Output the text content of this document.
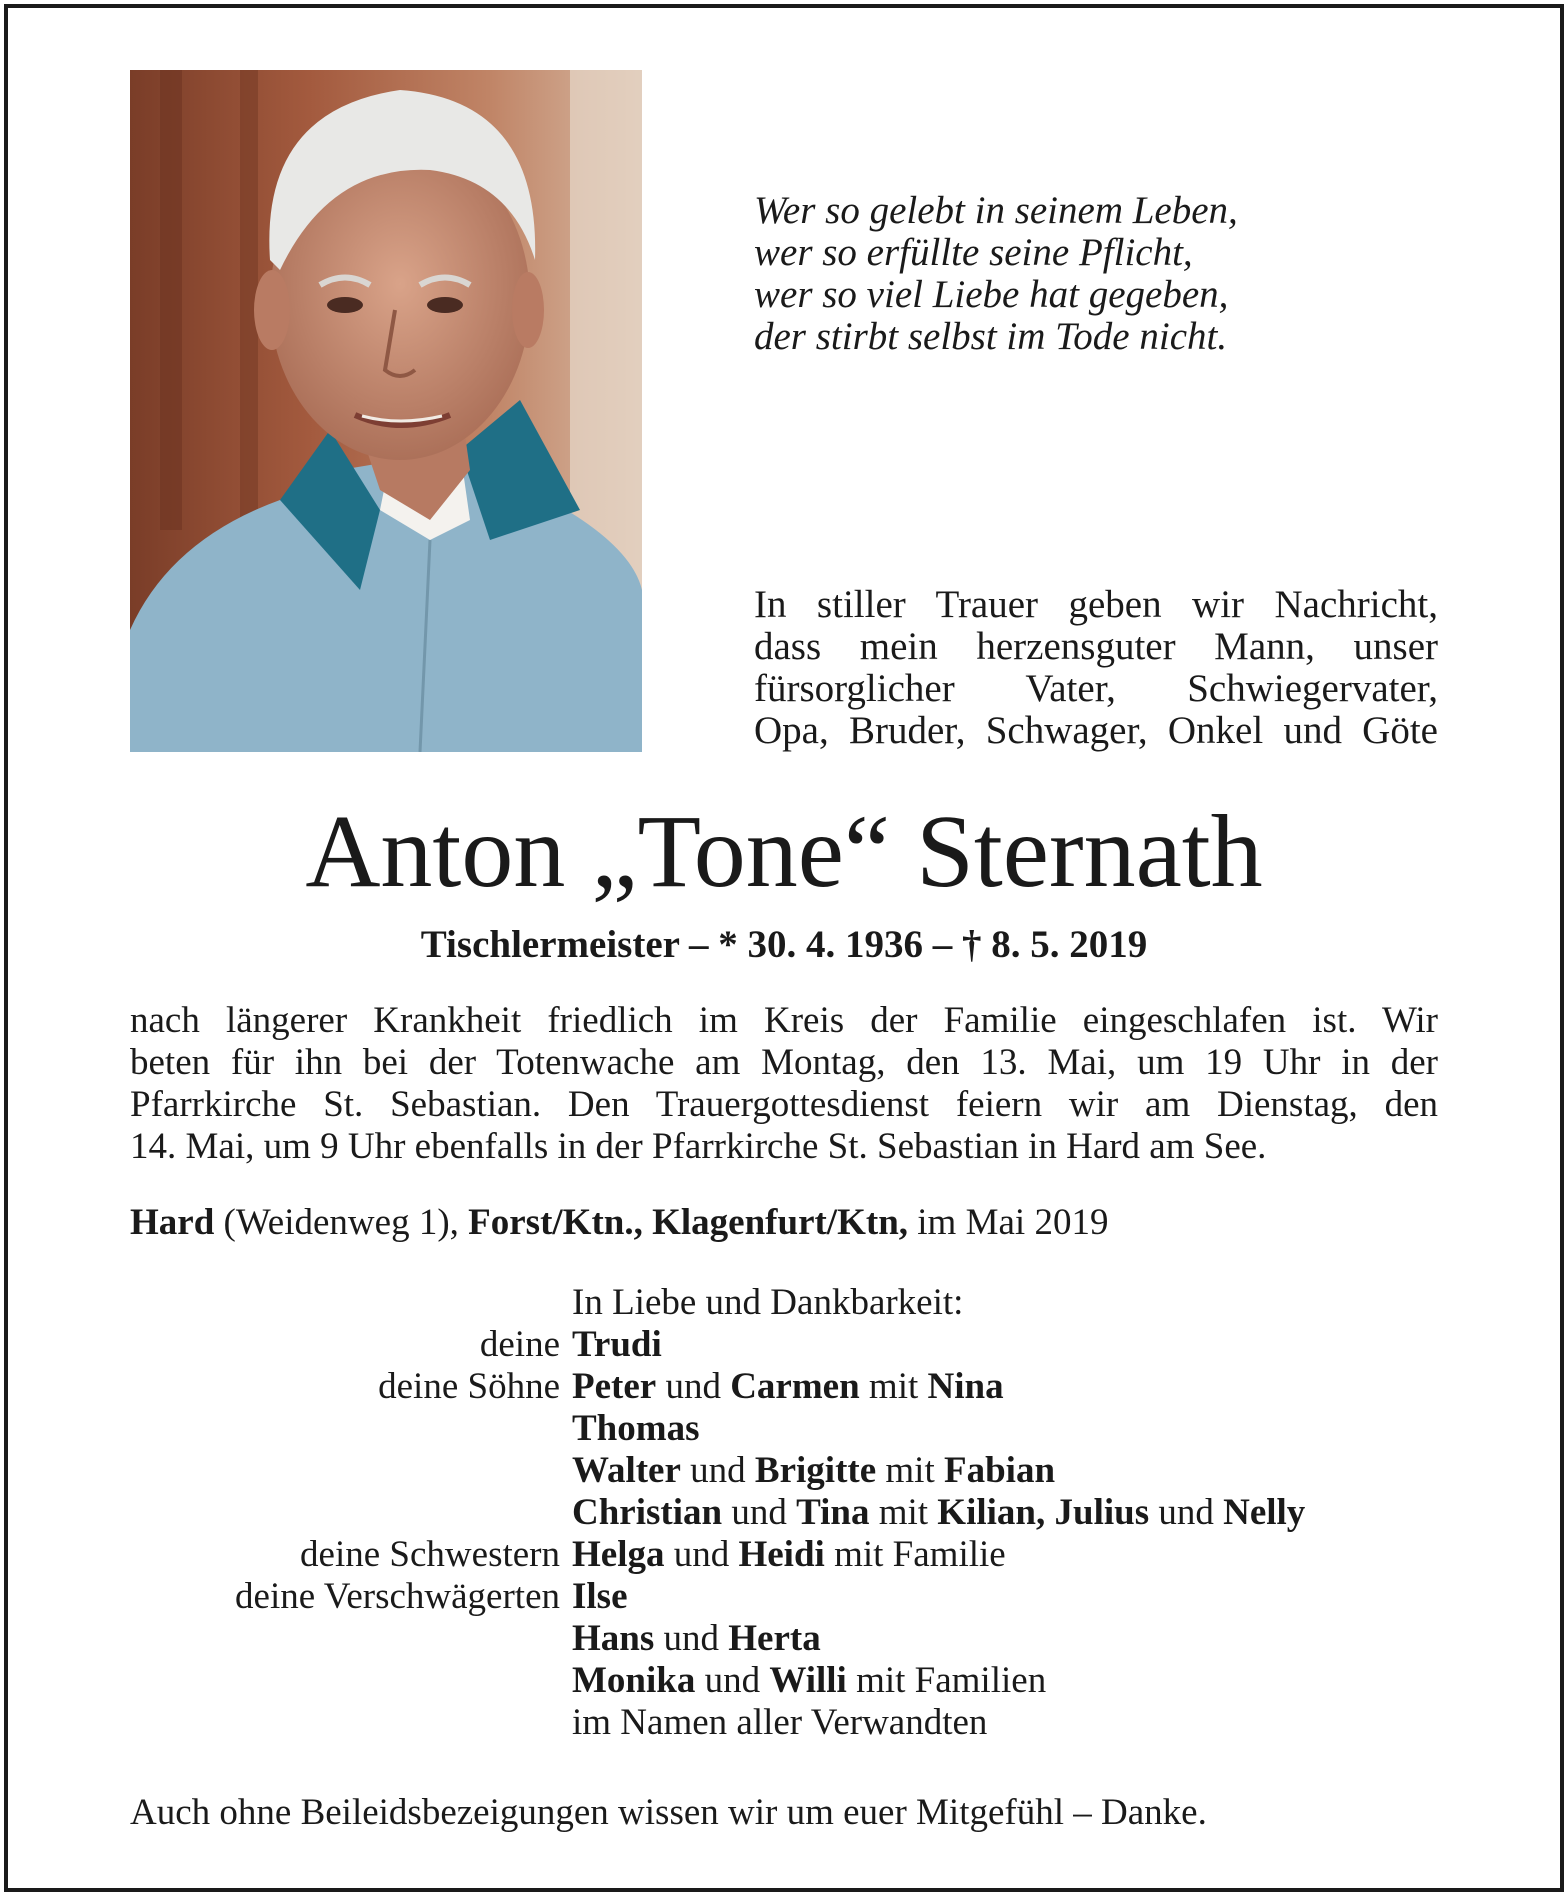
Wer so gelebt in seinem Leben,
wer so erfüllte seine Pflicht,
wer so viel Liebe hat gegeben,
der stirbt selbst im Tode nicht.
In stiller Trauer geben wir Nachricht,
dass mein herzensguter Mann, unser
fürsorglicher Vater, Schwiegervater,
Opa, Bruder, Schwager, Onkel und Göte
Anton „Tone“ Sternath
Tischlermeister – * 30. 4. 1936 – † 8. 5. 2019
nach längerer Krankheit friedlich im Kreis der Familie eingeschlafen ist. Wir
beten für ihn bei der Totenwache am Montag, den 13. Mai, um 19 Uhr in der
Pfarrkirche St. Sebastian. Den Trauergottesdienst feiern wir am Dienstag, den
14. Mai, um 9 Uhr ebenfalls in der Pfarrkirche St. Sebastian in Hard am See.
Hard (Weidenweg 1), Forst/Ktn., Klagenfurt/Ktn, im Mai 2019
In Liebe und Dankbarkeit:
deine Trudi
deine Söhne Peter und Carmen mit Nina
Thomas
Walter und Brigitte mit Fabian
Christian und Tina mit Kilian, Julius und Nelly
deine Schwestern Helga und Heidi mit Familie
deine Verschwägerten Ilse
Hans und Herta
Monika und Willi mit Familien
im Namen aller Verwandten
Auch ohne Beileidsbezeigungen wissen wir um euer Mitgefühl – Danke.
